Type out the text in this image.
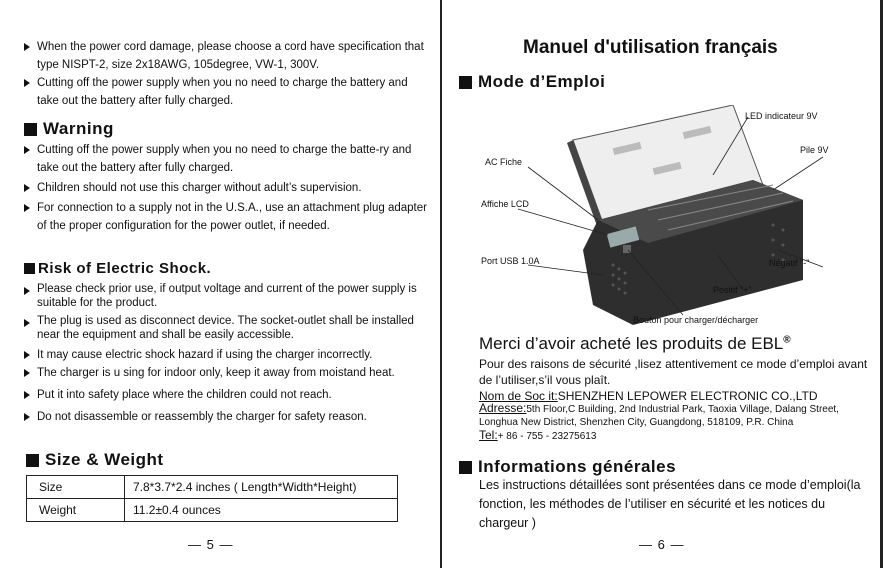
When the power cord damage, please choose a cord have specification that type NISPT-2, size 2x18AWG, 105degree, VW-1, 300V.
Cutting off the power supply when you no need to charge the battery and take out the battery after fully charged.
Warning
Cutting off the power supply when you no need to charge the batte-ry and take out the battery after fully charged.
Children should not use this charger without adult’s supervision.
For connection to a supply not in the U.S.A., use an attachment plug adapter of the proper configuration for the power outlet, if needed.
Risk of Electric Shock.
Please check prior use, if output voltage and current of the power supply is suitable for the product.
The plug is used as disconnect device. The socket-outlet shall be installed near the equipment and shall be easily accessible.
It may cause electric shock hazard if using the charger incorrectly.
The charger is u sing for indoor only, keep it away from moistand heat.
Put it into safety place where the children could not reach.
Do not disassemble or reassembly the charger for safety reason.
Size & Weight
Size	7.8*3.7*2.4 inches ( Length*Width*Height)
Weight	11.2±0.4 ounces
— 5 —
Manuel d'utilisation français
Mode d’Emploi
LED indicateur 9V
AC Fiche
Pile 9V
Affiche LCD
Port USB 1.0A	Négatif "-"
Positif "+"
Bouton pour charger/décharger
Merci d’avoir acheté les produits de EBL®
Pour des raisons de sécurité ,lisez attentivement ce mode d’emploi avant de l’utiliser,s’il vous plaît.
Nom de Soc it:SHENZHEN LEPOWER ELECTRONIC CO.,LTD
Adresse:5th Floor,C Building, 2nd Industrial Park, Taoxia Village, Dalang Street, Longhua New District, Shenzhen City, Guangdong, 518109, P.R. China
Tel:+ 86 - 755 - 23275613
Informations générales
Les instructions détaillées sont présentées dans ce mode d’emploi(la fonction, les méthodes de l’utiliser en sécurité et les notices du chargeur )
— 6 —
